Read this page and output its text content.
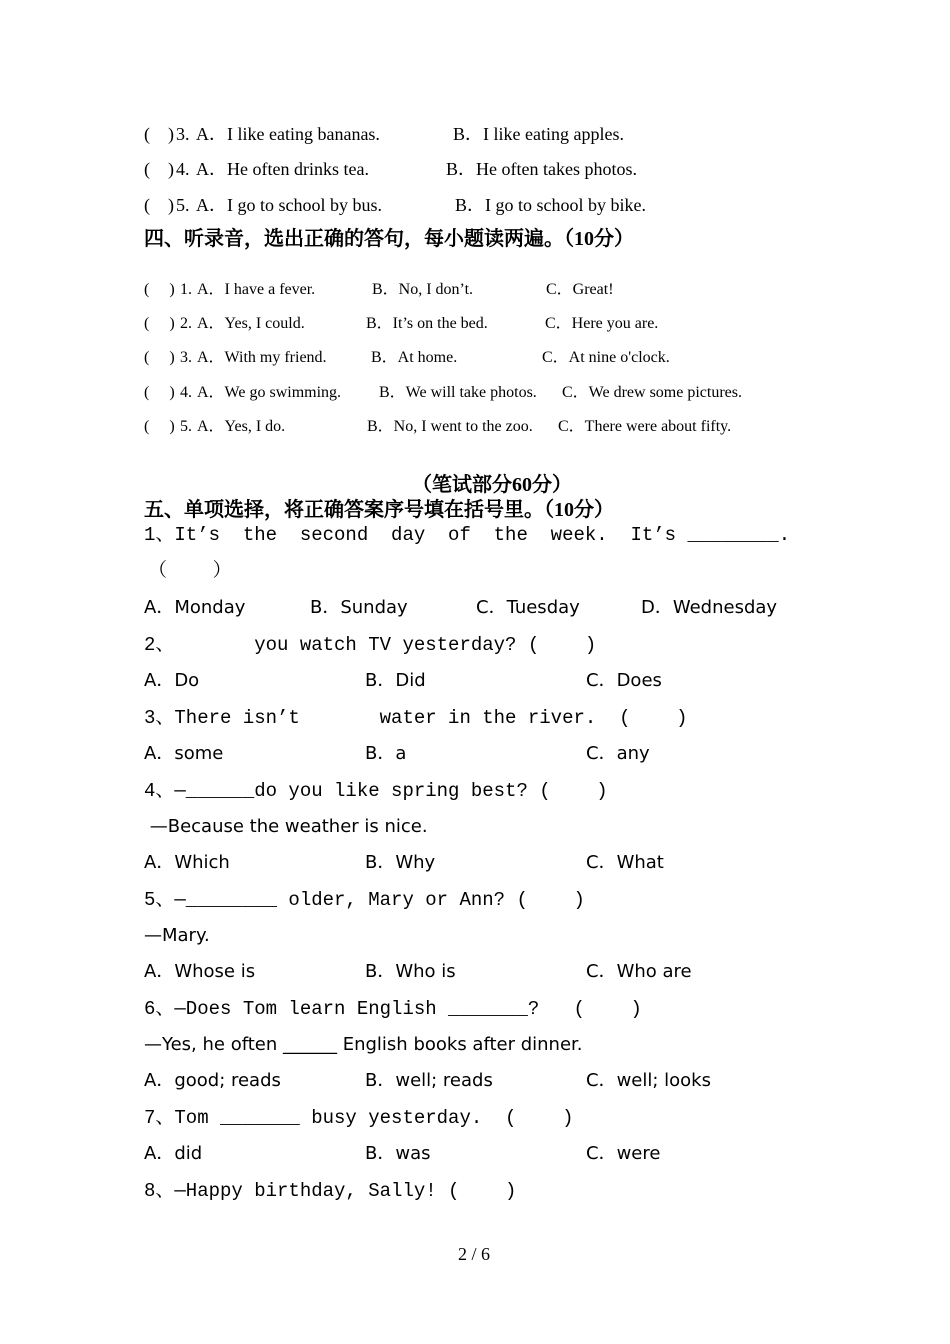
(    ) 3. A．I like eating bananas.	B．I like eating apples.
(    ) 4. A．He often drinks tea.	B．He often takes photos.
(    ) 5. A．I go to school by bus.	B．I go to school by bike.
四、听录音，选出正确的答句，每小题读两遍。（10分）
(     ) 1. A．I have a fever.	B．No, I don’t.	C．Great!
(     ) 2. A．Yes, I could.	B．It’s on the bed.	C．Here you are.
(     ) 3. A．With my friend.	B．At home.	C．At nine o'clock.
(     ) 4. A．We go swimming. B．We will take photos. C．We drew some pictures.
(     ) 5. A．Yes, I do.	B．No, I went to the zoo. C．There were about fifty.
（笔试部分60分）
五、单项选择，将正确答案序号填在括号里。（10分）
1、It’s  the  second  day  of  the  week.  It’s ________.
（    ）
A．Monday	B．Sunday	C．Tuesday	D．Wednesday
2、       you watch TV yesterday? (    )
A．Do	B．Did	C．Does
3、There isn’t       water in the river.  (    )
A．some	B．a	C．any
4、—______do you like spring best? (    )
—Because the weather is nice.
A．Which	B．Why	C．What
5、—________ older, Mary or Ann? (    )
—Mary.
A．Whose is	B．Who is	C．Who are
6、—Does Tom learn English _______?   (    )
—Yes, he often ______ English books after dinner.
A．good; reads	B．well; reads	C．well; looks
7、Tom _______ busy yesterday.  (    )
A．did	B．was	C．were
8、—Happy birthday, Sally! (    )
2 / 6
